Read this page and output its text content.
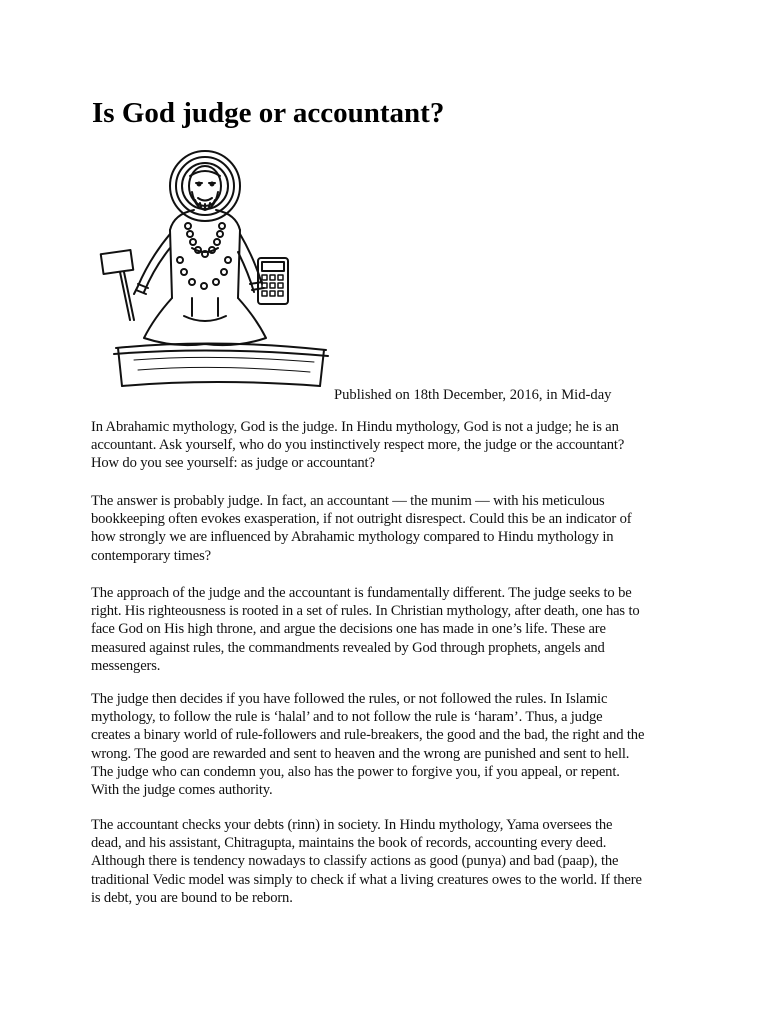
Is God judge or accountant?
Published on 18th December, 2016, in Mid-day

In Abrahamic mythology, God is the judge. In Hindu mythology, God is not a judge; he is an
accountant. Ask yourself, who do you instinctively respect more, the judge or the accountant?
How do you see yourself: as judge or accountant?

The answer is probably judge. In fact, an accountant — the munim — with his meticulous
bookkeeping often evokes exasperation, if not outright disrespect. Could this be an indicator of
how strongly we are influenced by Abrahamic mythology compared to Hindu mythology in
contemporary times?

The approach of the judge and the accountant is fundamentally different. The judge seeks to be
right. His righteousness is rooted in a set of rules. In Christian mythology, after death, one has to
face God on His high throne, and argue the decisions one has made in one’s life. These are
measured against rules, the commandments revealed by God through prophets, angels and
messengers.

The judge then decides if you have followed the rules, or not followed the rules. In Islamic
mythology, to follow the rule is ‘halal’ and to not follow the rule is ‘haram’. Thus, a judge
creates a binary world of rule-followers and rule-breakers, the good and the bad, the right and the
wrong. The good are rewarded and sent to heaven and the wrong are punished and sent to hell.
The judge who can condemn you, also has the power to forgive you, if you appeal, or repent.
With the judge comes authority.

The accountant checks your debts (rinn) in society. In Hindu mythology, Yama oversees the
dead, and his assistant, Chitragupta, maintains the book of records, accounting every deed.
Although there is tendency nowadays to classify actions as good (punya) and bad (paap), the
traditional Vedic model was simply to check if what a living creatures owes to the world. If there
is debt, you are bound to be reborn.
